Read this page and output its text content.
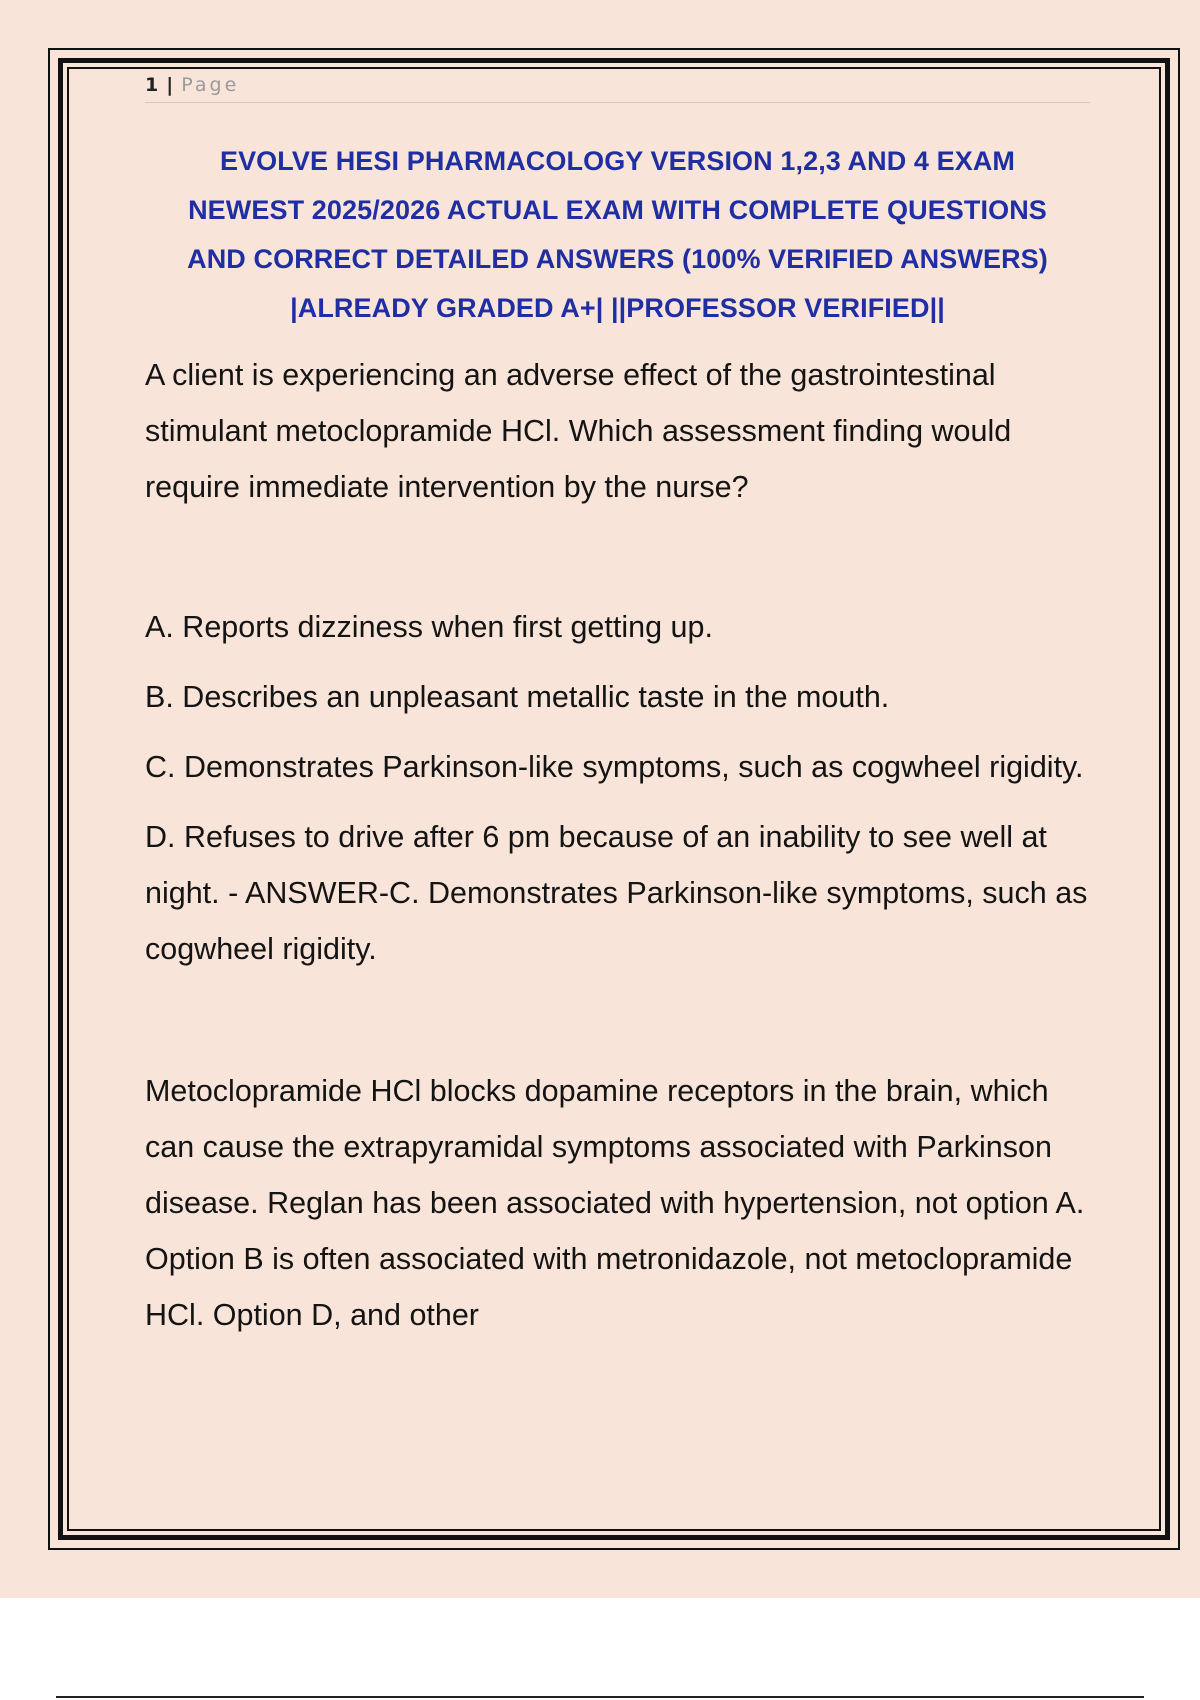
1 | Page
EVOLVE HESI PHARMACOLOGY VERSION 1,2,3 AND 4 EXAM
NEWEST 2025/2026 ACTUAL EXAM WITH COMPLETE QUESTIONS
AND CORRECT DETAILED ANSWERS (100% VERIFIED ANSWERS)
|ALREADY GRADED A+| ||PROFESSOR VERIFIED||

A client is experiencing an adverse effect of the gastrointestinal stimulant metoclopramide HCl. Which assessment finding would require immediate intervention by the nurse?

A. Reports dizziness when first getting up.

B. Describes an unpleasant metallic taste in the mouth.

C. Demonstrates Parkinson-like symptoms, such as cogwheel rigidity.

D. Refuses to drive after 6 pm because of an inability to see well at night. - ANSWER-C. Demonstrates Parkinson-like symptoms, such as cogwheel rigidity.

Metoclopramide HCl blocks dopamine receptors in the brain, which can cause the extrapyramidal symptoms associated with Parkinson disease. Reglan has been associated with hypertension, not option A. Option B is often associated with metronidazole, not metoclopramide HCl. Option D, and other
